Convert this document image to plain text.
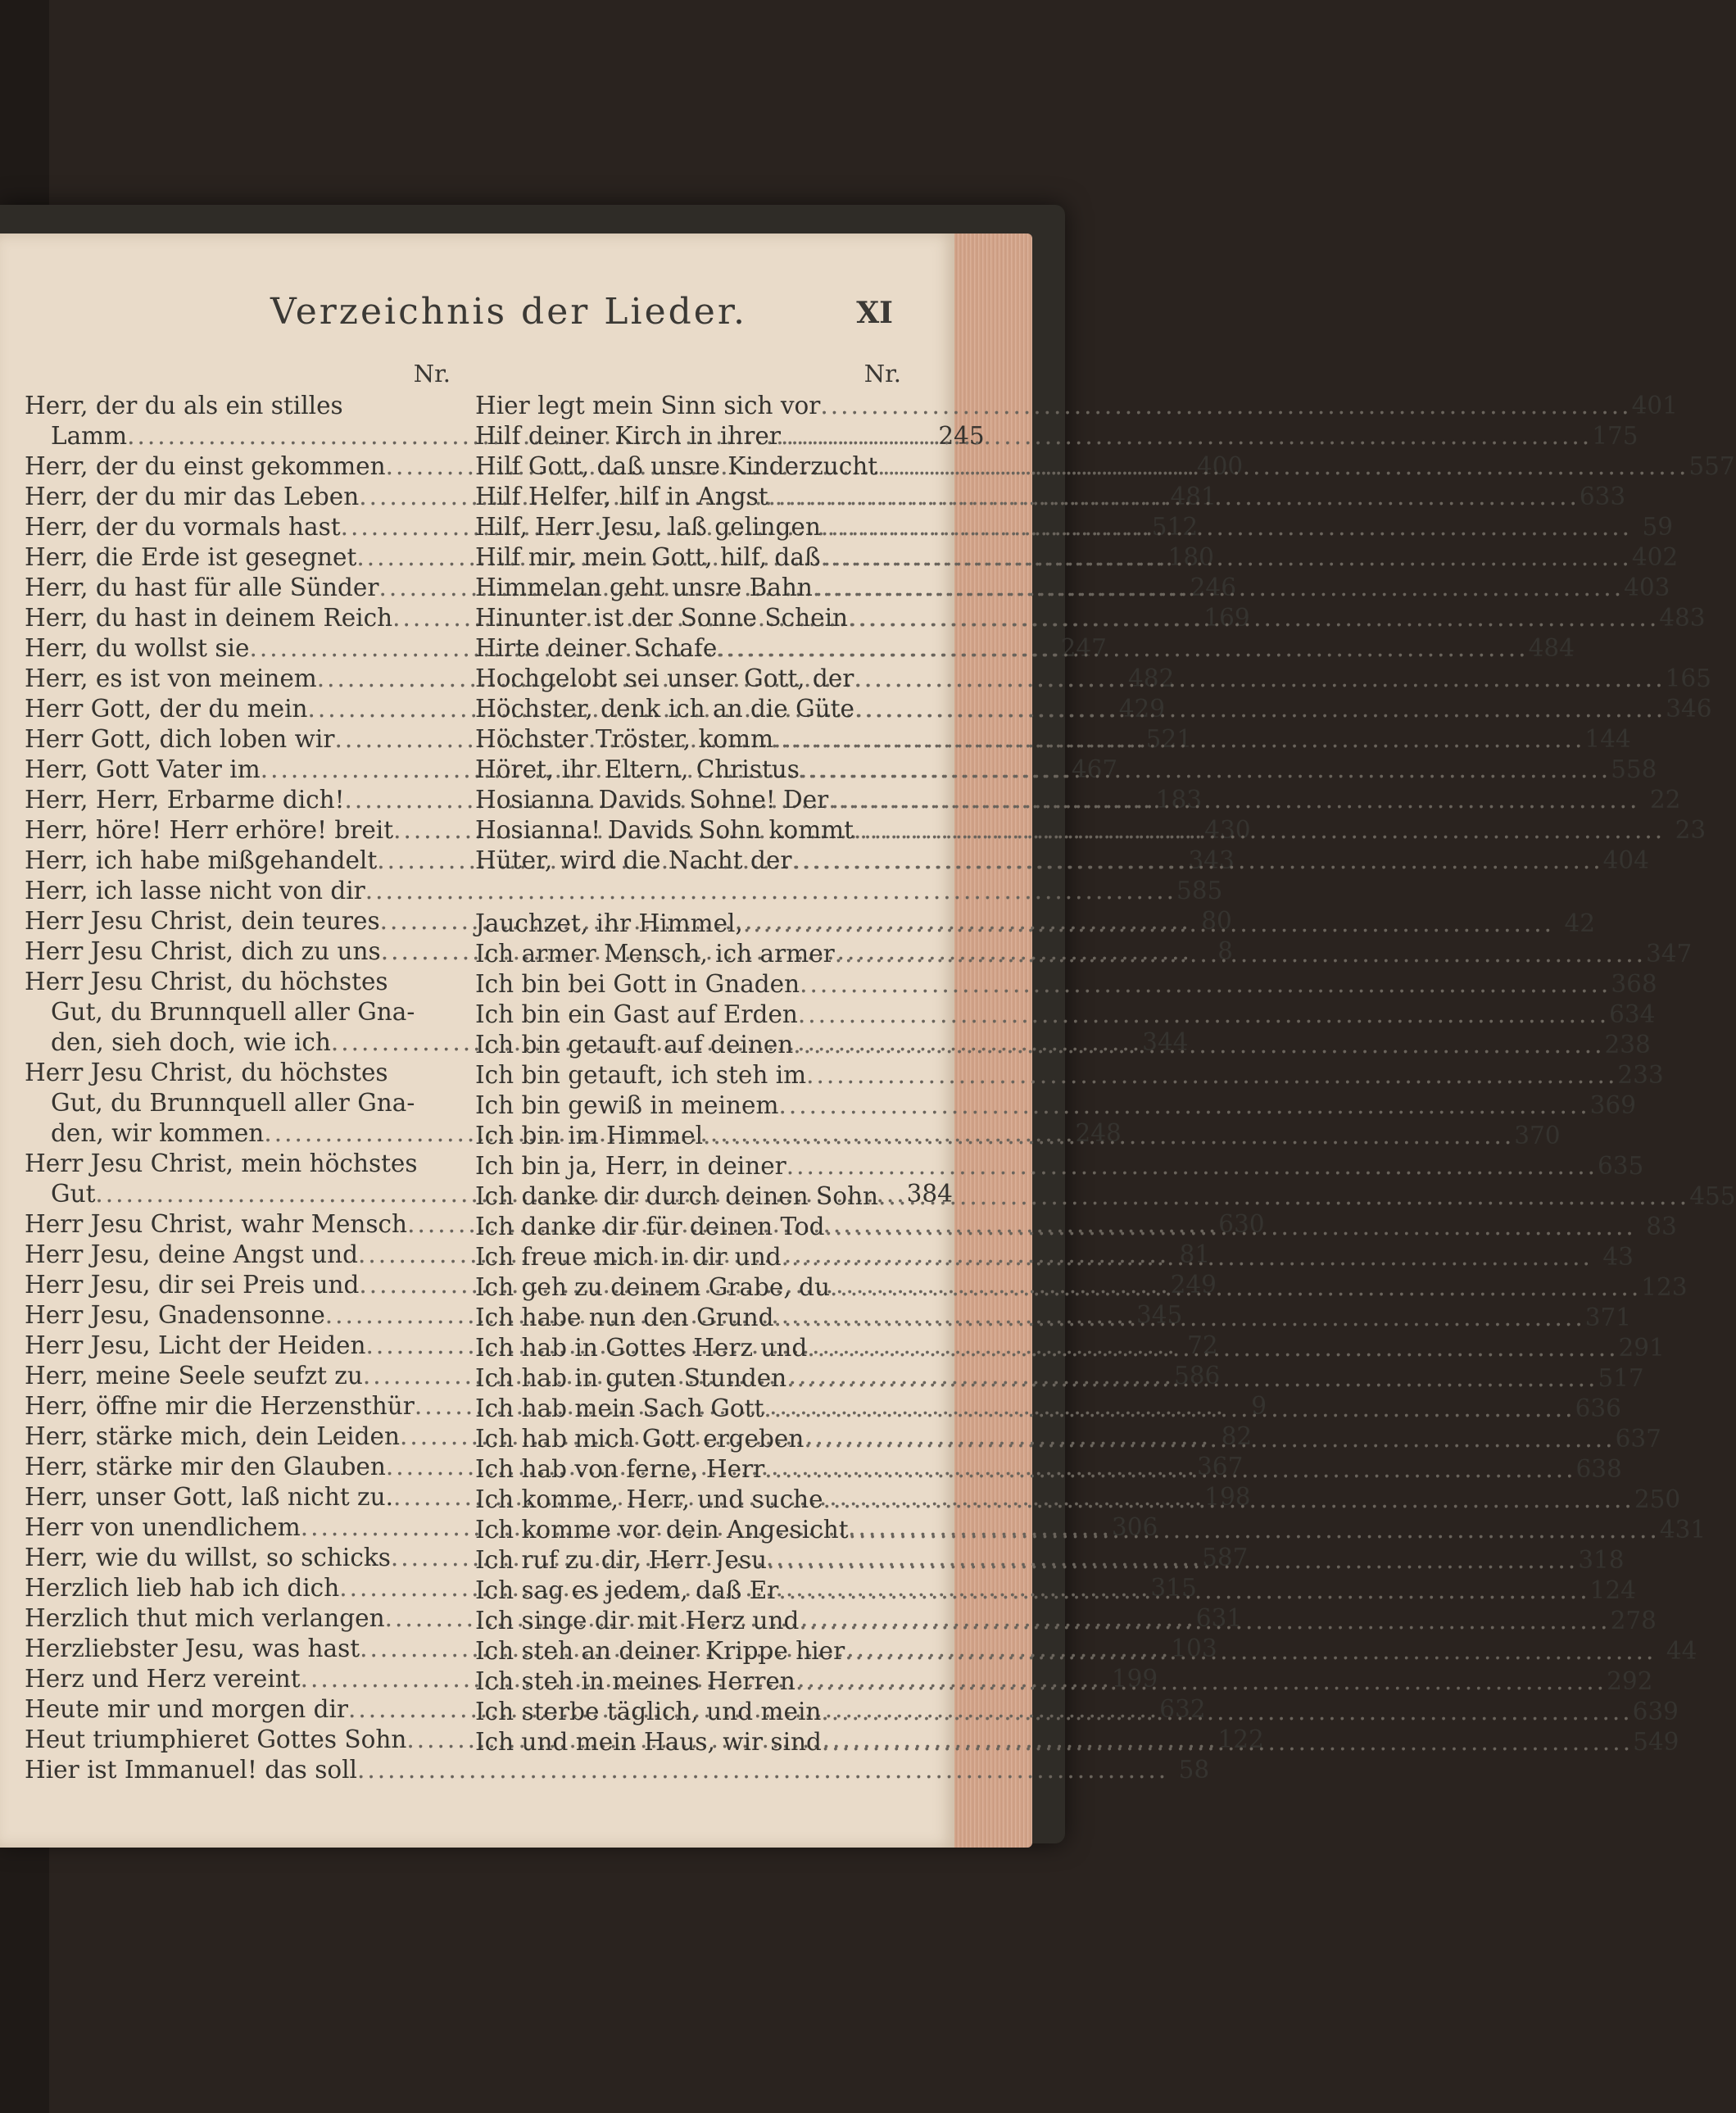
Verzeichnis der Lieder.	XI
Nr.
Herr, der du als ein stilles
Lamm .....	245
Herr, der du einst gekommen .....	400
Herr, der du mir das Leben .....	481
Herr, der du vormals hast .....	512
Herr, die Erde ist gesegnet .....	180
Herr, du hast für alle Sünder .....	246
Herr, du hast in deinem Reich .....	169
Herr, du wollst sie .....	247
Herr, es ist von meinem .....	482
Herr Gott, der du mein .....	429
Herr Gott, dich loben wir .....	521
Herr, Gott Vater im .....	467
Herr, Herr, Erbarme dich! .....	183
Herr, höre! Herr erhöre! breit .....	430
Herr, ich habe mißgehandelt .....	343
Herr, ich lasse nicht von dir .....	585
Herr Jesu Christ, dein teures .....	80
Herr Jesu Christ, dich zu uns .....	8
Herr Jesu Christ, du höchstes
Gut, du Brunnquell aller Gna-
den, sieh doch, wie ich .....	344
Herr Jesu Christ, du höchstes
Gut, du Brunnquell aller Gna-
den, wir kommen .....	248
Herr Jesu Christ, mein höchstes
Gut .....	384
Herr Jesu Christ, wahr Mensch .....	630
Herr Jesu, deine Angst und .....	81
Herr Jesu, dir sei Preis und .....	249
Herr Jesu, Gnadensonne .....	345
Herr Jesu, Licht der Heiden .....	72
Herr, meine Seele seufzt zu .....	586
Herr, öffne mir die Herzensthür .....	9
Herr, stärke mich, dein Leiden .....	82
Herr, stärke mir den Glauben .....	367
Herr, unser Gott, laß nicht zu. .....	198
Herr von unendlichem .....	306
Herr, wie du willst, so schicks .....	587
Herzlich lieb hab ich dich .....	315
Herzlich thut mich verlangen .....	631
Herzliebster Jesu, was hast .....	103
Herz und Herz vereint .....	199
Heute mir und morgen dir .....	632
Heut triumphieret Gottes Sohn .....	122
Hier ist Immanuel! das soll .....	58
Nr.
Hier legt mein Sinn sich vor .....	401
Hilf deiner Kirch in ihrer .....	175
Hilf Gott, daß unsre Kinderzucht .....	557
Hilf Helfer, hilf in Angst .....	633
Hilf, Herr Jesu, laß gelingen .....	59
Hilf mir, mein Gott, hilf, daß .....	402
Himmelan geht unsre Bahn .....	403
Hinunter ist der Sonne Schein .....	483
Hirte deiner Schafe .....	484
Hochgelobt sei unser Gott, der .....	165
Höchster, denk ich an die Güte .....	346
Höchster Tröster, komm .....	144
Höret, ihr Eltern, Christus .....	558
Hosianna Davids Sohne! Der .....	22
Hosianna! Davids Sohn kommt .....	23
Hüter, wird die Nacht der .....	404
Jauchzet, ihr Himmel, .....	42
Ich armer Mensch, ich armer .....	347
Ich bin bei Gott in Gnaden .....	368
Ich bin ein Gast auf Erden .....	634
Ich bin getauft auf deinen .....	238
Ich bin getauft, ich steh im .....	233
Ich bin gewiß in meinem .....	369
Ich bin im Himmel .....	370
Ich bin ja, Herr, in deiner .....	635
Ich danke dir durch deinen Sohn .....	455
Ich danke dir für deinen Tod .....	83
Ich freue mich in dir und .....	43
Ich geh zu deinem Grabe, du .....	123
Ich habe nun den Grund .....	371
Ich hab in Gottes Herz und .....	291
Ich hab in guten Stunden .....	517
Ich hab mein Sach Gott .....	636
Ich hab mich Gott ergeben .....	637
Ich hab von ferne, Herr .....	638
Ich komme, Herr, und suche .....	250
Ich komme vor dein Angesicht .....	431
Ich ruf zu dir, Herr Jesu .....	318
Ich sag es jedem, daß Er .....	124
Ich singe dir mit Herz und .....	278
Ich steh an deiner Krippe hier .....	44
Ich steh in meines Herren .....	292
Ich sterbe täglich, und mein .....	639
Ich und mein Haus, wir sind .....	549
